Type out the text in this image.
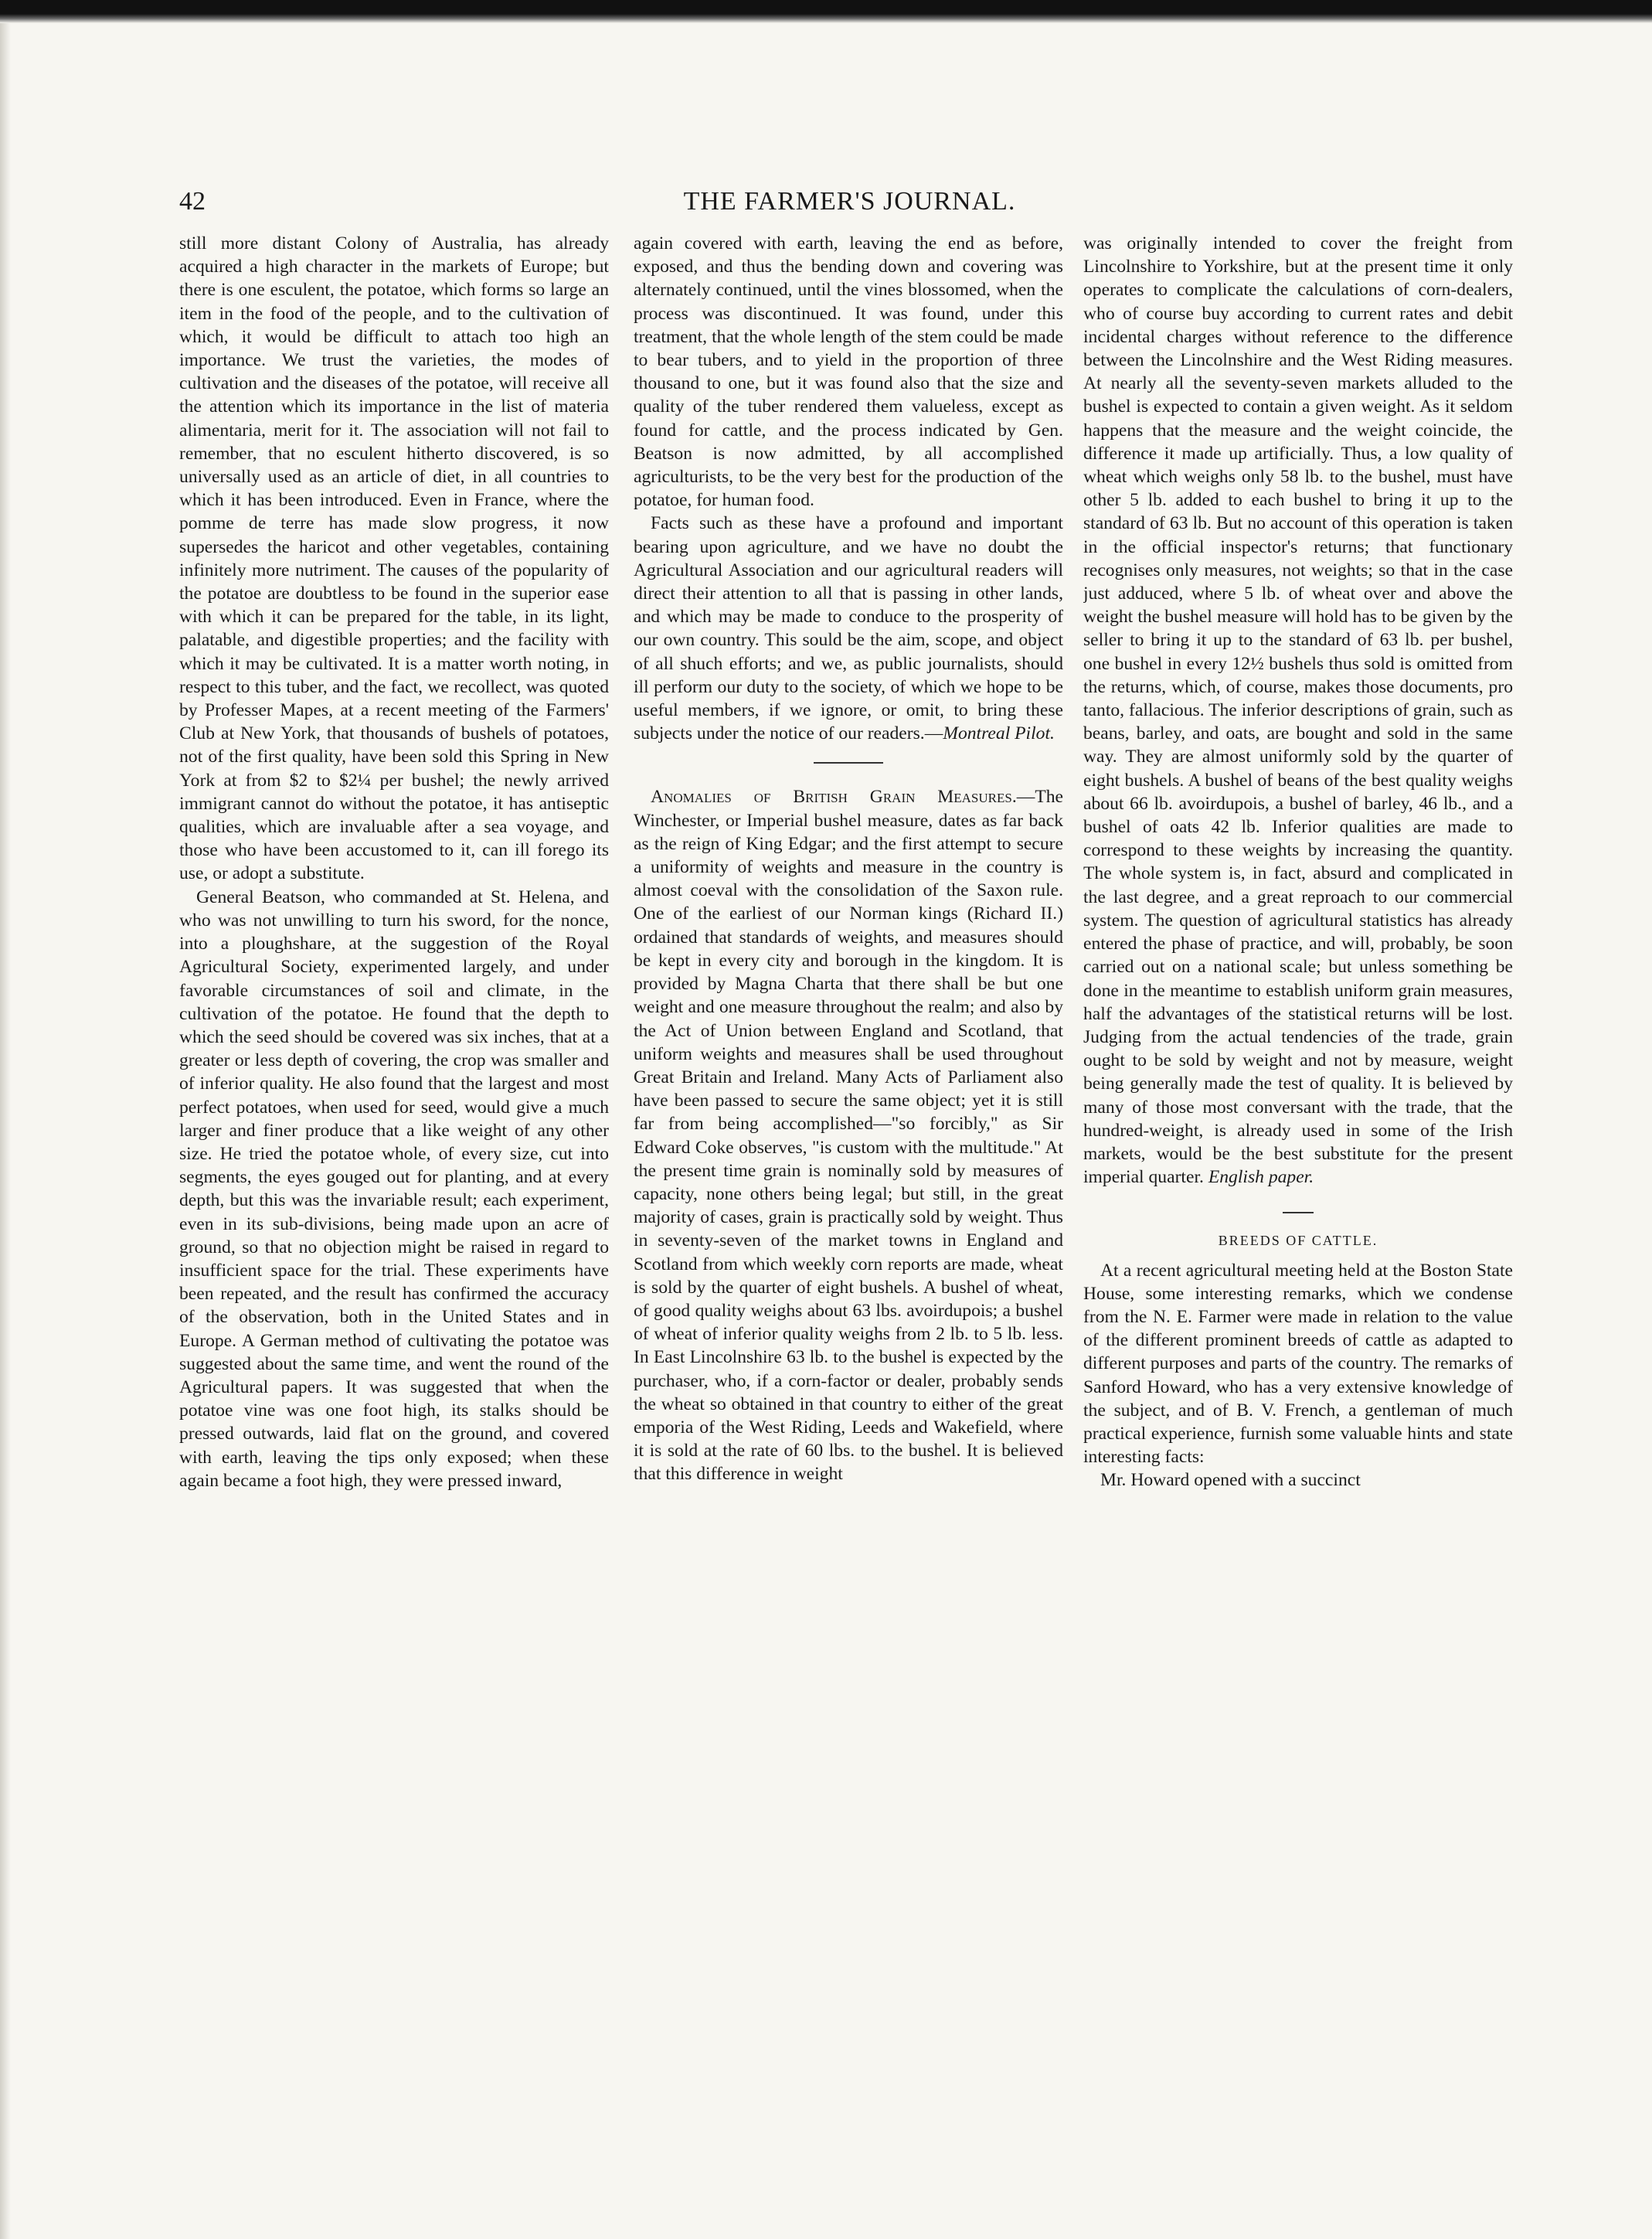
42	THE FARMER'S JOURNAL.

still more distant Colony of Australia, has already acquired a high character in the markets of Europe; but there is one esculent, the potatoe, which forms so large an item in the food of the people, and to the cultivation of which, it would be difficult to attach too high an importance. We trust the varieties, the modes of cultivation and the diseases of the potatoe, will receive all the attention which its importance in the list of materia alimentaria, merit for it. The association will not fail to remember, that no esculent hitherto discovered, is so universally used as an article of diet, in all countries to which it has been introduced. Even in France, where the pomme de terre has made slow progress, it now supersedes the haricot and other vegetables, containing infinitely more nutriment. The causes of the popularity of the potatoe are doubtless to be found in the superior ease with which it can be prepared for the table, in its light, palatable, and digestible properties; and the facility with which it may be cultivated. It is a matter worth noting, in respect to this tuber, and the fact, we recollect, was quoted by Professer Mapes, at a recent meeting of the Farmers' Club at New York, that thousands of bushels of potatoes, not of the first quality, have been sold this Spring in New York at from $2 to $2¼ per bushel; the newly arrived immigrant cannot do without the potatoe, it has antiseptic qualities, which are invaluable after a sea voyage, and those who have been accustomed to it, can ill forego its use, or adopt a substitute.

General Beatson, who commanded at St. Helena, and who was not unwilling to turn his sword, for the nonce, into a ploughshare, at the suggestion of the Royal Agricultural Society, experimented largely, and under favorable circumstances of soil and climate, in the cultivation of the potatoe. He found that the depth to which the seed should be covered was six inches, that at a greater or less depth of covering, the crop was smaller and of inferior quality. He also found that the largest and most perfect potatoes, when used for seed, would give a much larger and finer produce that a like weight of any other size. He tried the potatoe whole, of every size, cut into segments, the eyes gouged out for planting, and at every depth, but this was the invariable result; each experiment, even in its sub-divisions, being made upon an acre of ground, so that no objection might be raised in regard to insufficient space for the trial. These experiments have been repeated, and the result has confirmed the accuracy of the observation, both in the United States and in Europe. A German method of cultivating the potatoe was suggested about the same time, and went the round of the Agricultural papers. It was suggested that when the potatoe vine was one foot high, its stalks should be pressed outwards, laid flat on the ground, and covered with earth, leaving the tips only exposed; when these again became a foot high, they were pressed inward,

again covered with earth, leaving the end as before, exposed, and thus the bending down and covering was alternately continued, until the vines blossomed, when the process was discontinued. It was found, under this treatment, that the whole length of the stem could be made to bear tubers, and to yield in the proportion of three thousand to one, but it was found also that the size and quality of the tuber rendered them valueless, except as found for cattle, and the process indicated by Gen. Beatson is now admitted, by all accomplished agriculturists, to be the very best for the production of the potatoe, for human food.

Facts such as these have a profound and important bearing upon agriculture, and we have no doubt the Agricultural Association and our agricultural readers will direct their attention to all that is passing in other lands, and which may be made to conduce to the prosperity of our own country. This sould be the aim, scope, and object of all shuch efforts; and we, as public journalists, should ill perform our duty to the society, of which we hope to be useful members, if we ignore, or omit, to bring these subjects under the notice of our readers.—Montreal Pilot.

Anomalies of British Grain Measures.—The Winchester, or Imperial bushel measure, dates as far back as the reign of King Edgar; and the first attempt to secure a uniformity of weights and measure in the country is almost coeval with the consolidation of the Saxon rule. One of the earliest of our Norman kings (Richard II.) ordained that standards of weights, and measures should be kept in every city and borough in the kingdom. It is provided by Magna Charta that there shall be but one weight and one measure throughout the realm; and also by the Act of Union between England and Scotland, that uniform weights and measures shall be used throughout Great Britain and Ireland. Many Acts of Parliament also have been passed to secure the same object; yet it is still far from being accomplished—"so forcibly," as Sir Edward Coke observes, "is custom with the multitude." At the present time grain is nominally sold by measures of capacity, none others being legal; but still, in the great majority of cases, grain is practically sold by weight. Thus in seventy-seven of the market towns in England and Scotland from which weekly corn reports are made, wheat is sold by the quarter of eight bushels. A bushel of wheat, of good quality weighs about 63 lbs. avoirdupois; a bushel of wheat of inferior quality weighs from 2 lb. to 5 lb. less. In East Lincolnshire 63 lb. to the bushel is expected by the purchaser, who, if a corn-factor or dealer, probably sends the wheat so obtained in that country to either of the great emporia of the West Riding, Leeds and Wakefield, where it is sold at the rate of 60 lbs. to the bushel. It is believed that this difference in weight

was originally intended to cover the freight from Lincolnshire to Yorkshire, but at the present time it only operates to complicate the calculations of corn-dealers, who of course buy according to current rates and debit incidental charges without reference to the difference between the Lincolnshire and the West Riding measures. At nearly all the seventy-seven markets alluded to the bushel is expected to contain a given weight. As it seldom happens that the measure and the weight coincide, the difference it made up artificially. Thus, a low quality of wheat which weighs only 58 lb. to the bushel, must have other 5 lb. added to each bushel to bring it up to the standard of 63 lb. But no account of this operation is taken in the official inspector's returns; that functionary recognises only measures, not weights; so that in the case just adduced, where 5 lb. of wheat over and above the weight the bushel measure will hold has to be given by the seller to bring it up to the standard of 63 lb. per bushel, one bushel in every 12½ bushels thus sold is omitted from the returns, which, of course, makes those documents, pro tanto, fallacious. The inferior descriptions of grain, such as beans, barley, and oats, are bought and sold in the same way. They are almost uniformly sold by the quarter of eight bushels. A bushel of beans of the best quality weighs about 66 lb. avoirdupois, a bushel of barley, 46 lb., and a bushel of oats 42 lb. Inferior qualities are made to correspond to these weights by increasing the quantity. The whole system is, in fact, absurd and complicated in the last degree, and a great reproach to our commercial system. The question of agricultural statistics has already entered the phase of practice, and will, probably, be soon carried out on a national scale; but unless something be done in the meantime to establish uniform grain measures, half the advantages of the statistical returns will be lost. Judging from the actual tendencies of the trade, grain ought to be sold by weight and not by measure, weight being generally made the test of quality. It is believed by many of those most conversant with the trade, that the hundred-weight, is already used in some of the Irish markets, would be the best substitute for the present imperial quarter. English paper.

BREEDS OF CATTLE.

At a recent agricultural meeting held at the Boston State House, some interesting remarks, which we condense from the N. E. Farmer were made in relation to the value of the different prominent breeds of cattle as adapted to different purposes and parts of the country. The remarks of Sanford Howard, who has a very extensive knowledge of the subject, and of B. V. French, a gentleman of much practical experience, furnish some valuable hints and state interesting facts:

Mr. Howard opened with a succinct
